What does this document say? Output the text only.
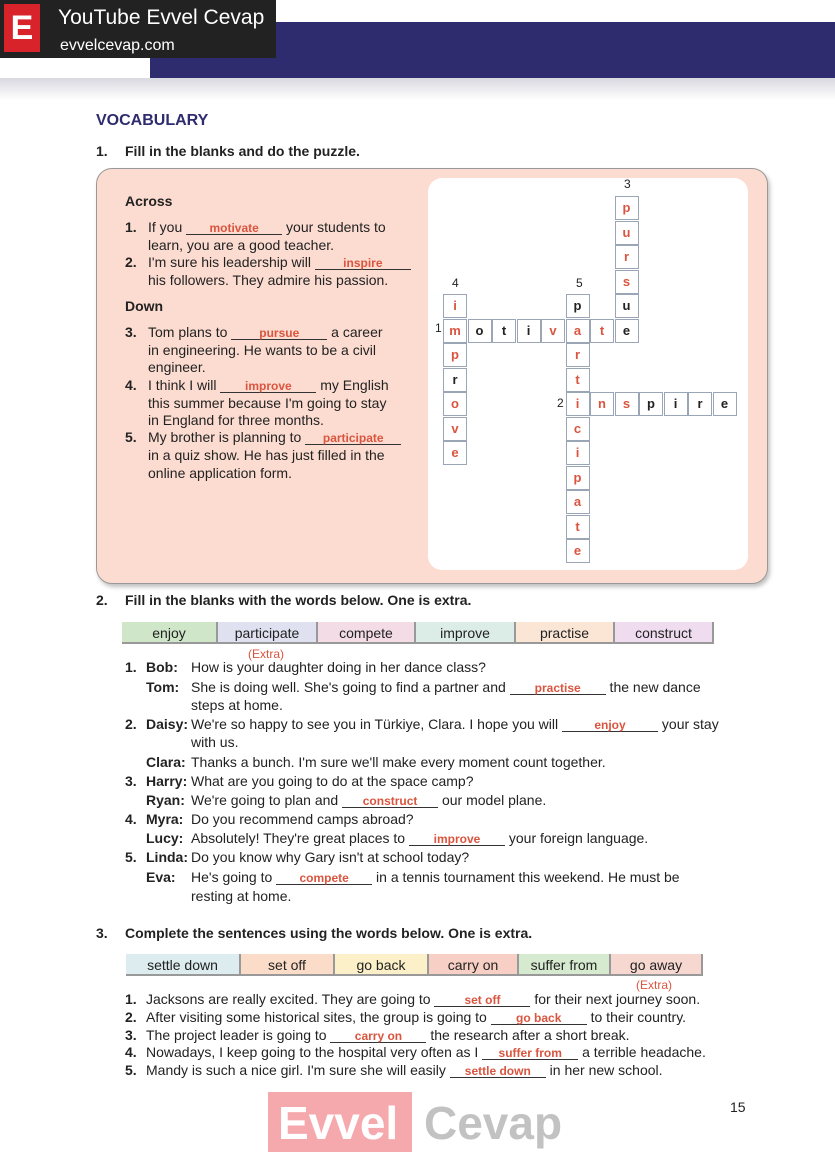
E	YouTube Evvel Cevap
evvelcevap.com
VOCABULARY
1. Fill in the blanks and do the puzzle.
Across
1. If you motivate your students to
learn, you are a good teacher.
2. I'm sure his leadership will	inspire
his followers. They admire his passion.
Down
3. Tom plans to	pursue a career
in engineering. He wants to be a civil
engineer.
4. I think I will improve my English
this summer because I'm going to stay
in England for three months.
5. My brother is planning to participate
in a quiz show. He has just filled in the
online application form.
m	o	t	i	v	a	t	e
i	n	s	p	i	r	e
p
u
r
s
u
i
p
r
o
v
e
p
r
t
c
i
p
a
t
e
1
2
3
4	5
2. Fill in the blanks with the words below. One is extra.
enjoy	participate	compete	improve	practise	construct
(Extra)
1. Bob: How is your daughter doing in her dance class?
Tom: She is doing well. She's going to find a partner and practise the new dance
steps at home.
2. Daisy: We're so happy to see you in Türkiye, Clara. I hope you will	enjoy your stay
with us.
Clara: Thanks a bunch. I'm sure we'll make every moment count together.
3. Harry: What are you going to do at the space camp?
Ryan: We're going to plan and construct our model plane.
4. Myra: Do you recommend camps abroad?
Lucy: Absolutely! They're great places to improve your foreign language.
5. Linda: Do you know why Gary isn't at school today?
Eva: He's going to compete in a tennis tournament this weekend. He must be
resting at home.
3. Complete the sentences using the words below. One is extra.
settle down	set off	go back	carry on	suffer from	go away
(Extra)
1. Jacksons are really excited. They are going to	set off for their next journey soon.
2. After visiting some historical sites, the group is going to go back to their country.
3. The project leader is going to carry on the research after a short break.
4. Nowadays, I keep going to the hospital very often as I suffer from a terrible headache.
5. Mandy is such a nice girl. I'm sure she will easily settle down in her new school.
Evvel Cevap	15
